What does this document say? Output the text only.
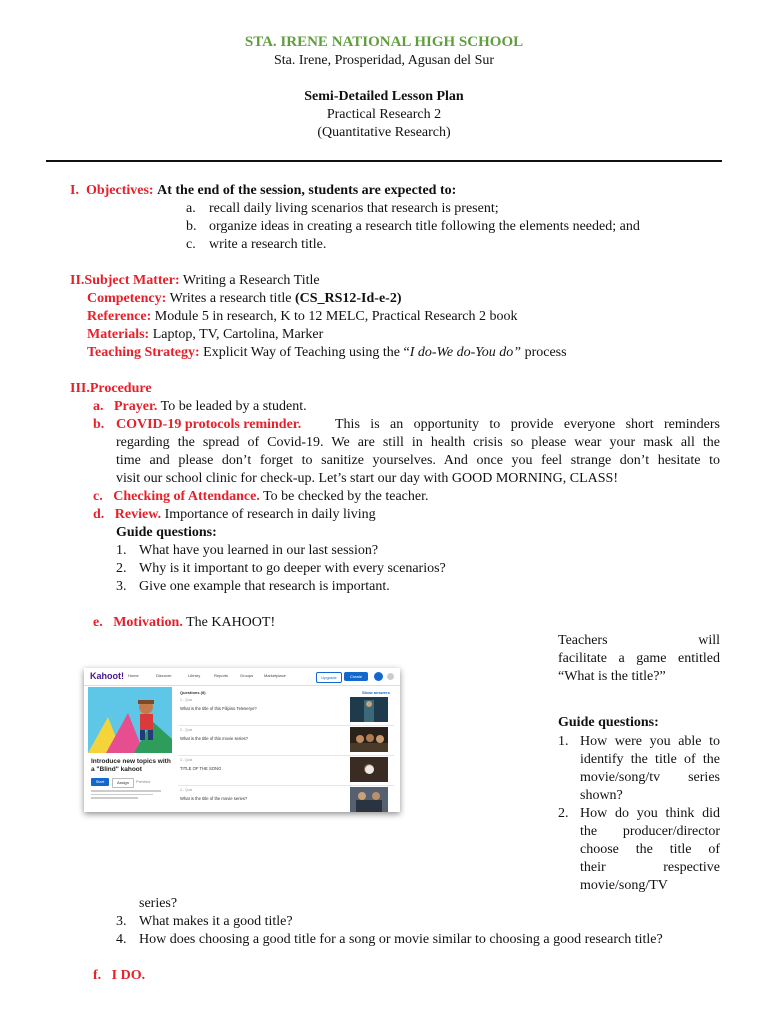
STA. IRENE NATIONAL HIGH SCHOOL
Sta. Irene, Prosperidad, Agusan del Sur
Semi-Detailed Lesson Plan
Practical Research 2
(Quantitative Research)
I. Objectives: At the end of the session, students are expected to:
a. recall daily living scenarios that research is present;
b. organize ideas in creating a research title following the elements needed; and
c. write a research title.
II.Subject Matter: Writing a Research Title
Competency: Writes a research title (CS_RS12-Id-e-2)
Reference: Module 5 in research, K to 12 MELC, Practical Research 2 book
Materials: Laptop, TV, Cartolina, Marker
Teaching Strategy: Explicit Way of Teaching using the “I do-We do-You do” process
III.Procedure
a. Prayer. To be leaded by a student.
b. COVID-19 protocols reminder. This is an opportunity to provide everyone short reminders
regarding the spread of Covid-19. We are still in health crisis so please wear your mask all the
time and please don’t forget to sanitize yourselves. And once you feel strange don’t hesitate to
visit our school clinic for check-up. Let’s start our day with GOOD MORNING, CLASS!
c. Checking of Attendance. To be checked by the teacher.
d. Review. Importance of research in daily living
Guide questions:
1. What have you learned in our last session?
2. Why is it important to go deeper with every scenarios?
3. Give one example that research is important.
e. Motivation. The KAHOOT!
Teachers will
facilitate a game entitled
“What is the title?”
Guide questions:
1. How were you able to
identify the title of the
movie/song/tv series
shown?
2. How do you think did
the producer/director
choose the title of
their respective
movie/song/TV
series?
3. What makes it a good title?
4. How does choosing a good title for a song or movie similar to choosing a good research title?
f. I DO.
Kahoot! Home	Discover	Library	Reports	Groups	Marketplace	Upgrade	Create
Introduce new topics with a "Blind" kahoot
Start	Assign	Preview
Questions (8)	Show answers
1 - Quiz
What is the title of this Filipino Teleserye?
2 - Quiz
What is the title of this movie series?
3 - Quiz
TITLE OF THE SONG
4 - Quiz
What is the title of the movie series?
